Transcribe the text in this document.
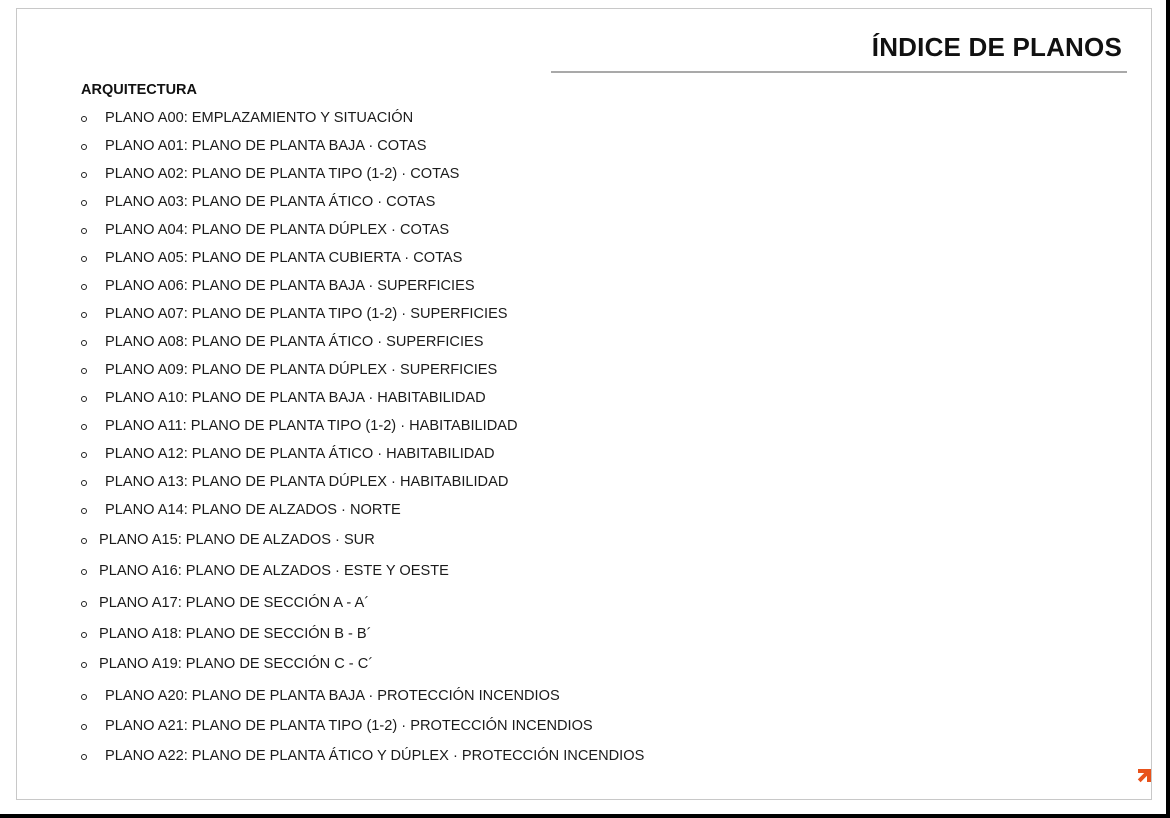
ÍNDICE DE PLANOS
ARQUITECTURA
PLANO A00: EMPLAZAMIENTO Y SITUACIÓN
PLANO A01: PLANO DE PLANTA BAJA · COTAS
PLANO A02: PLANO DE PLANTA TIPO (1-2) · COTAS
PLANO A03: PLANO DE PLANTA ÁTICO · COTAS
PLANO A04: PLANO DE PLANTA DÚPLEX · COTAS
PLANO A05: PLANO DE PLANTA CUBIERTA · COTAS
PLANO A06: PLANO DE PLANTA BAJA · SUPERFICIES
PLANO A07: PLANO DE PLANTA TIPO (1-2) · SUPERFICIES
PLANO A08: PLANO DE PLANTA ÁTICO · SUPERFICIES
PLANO A09: PLANO DE PLANTA DÚPLEX · SUPERFICIES
PLANO A10: PLANO DE PLANTA BAJA · HABITABILIDAD
PLANO A11: PLANO DE PLANTA TIPO (1-2) · HABITABILIDAD
PLANO A12: PLANO DE PLANTA ÁTICO · HABITABILIDAD
PLANO A13: PLANO DE PLANTA DÚPLEX · HABITABILIDAD
PLANO A14: PLANO DE ALZADOS · NORTE
PLANO A15: PLANO DE ALZADOS · SUR
PLANO A16: PLANO DE ALZADOS · ESTE Y OESTE
PLANO A17: PLANO DE SECCIÓN A - A´
PLANO A18: PLANO DE SECCIÓN B - B´
PLANO A19: PLANO DE SECCIÓN C - C´
PLANO A20: PLANO DE PLANTA BAJA · PROTECCIÓN INCENDIOS
PLANO A21: PLANO DE PLANTA TIPO (1-2) · PROTECCIÓN INCENDIOS
PLANO A22: PLANO DE PLANTA ÁTICO Y DÚPLEX · PROTECCIÓN INCENDIOS
